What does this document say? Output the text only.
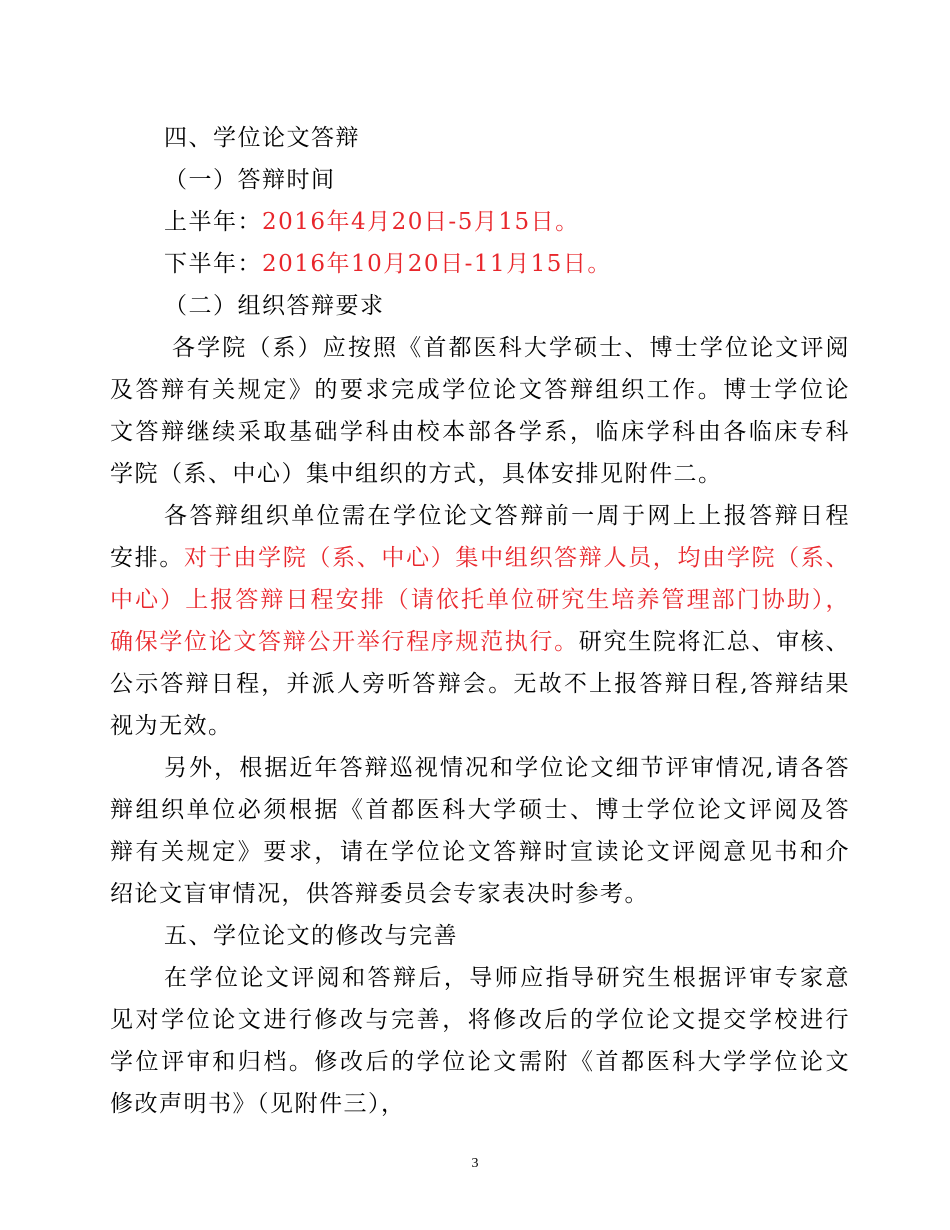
四、学位论文答辩
（一）答辩时间
上半年：2016年4月20日-5月15日。
下半年：2016年10月20日-11月15日。
（二）组织答辩要求
各学院（系）应按照《首都医科大学硕士、博士学位论文评阅
及答辩有关规定》的要求完成学位论文答辩组织工作。博士学位论
文答辩继续采取基础学科由校本部各学系，临床学科由各临床专科
学院（系、中心）集中组织的方式，具体安排见附件二。
各答辩组织单位需在学位论文答辩前一周于网上上报答辩日程
安排。对于由学院（系、中心）集中组织答辩人员，均由学院（系、
中心）上报答辩日程安排（请依托单位研究生培养管理部门协助），
确保学位论文答辩公开举行程序规范执行。研究生院将汇总、审核、
公示答辩日程，并派人旁听答辩会。无故不上报答辩日程,答辩结果
视为无效。
另外，根据近年答辩巡视情况和学位论文细节评审情况,请各答
辩组织单位必须根据《首都医科大学硕士、博士学位论文评阅及答
辩有关规定》要求，请在学位论文答辩时宣读论文评阅意见书和介
绍论文盲审情况，供答辩委员会专家表决时参考。
五、学位论文的修改与完善
在学位论文评阅和答辩后，导师应指导研究生根据评审专家意
见对学位论文进行修改与完善，将修改后的学位论文提交学校进行
学位评审和归档。修改后的学位论文需附《首都医科大学学位论文
修改声明书》（见附件三），
3
